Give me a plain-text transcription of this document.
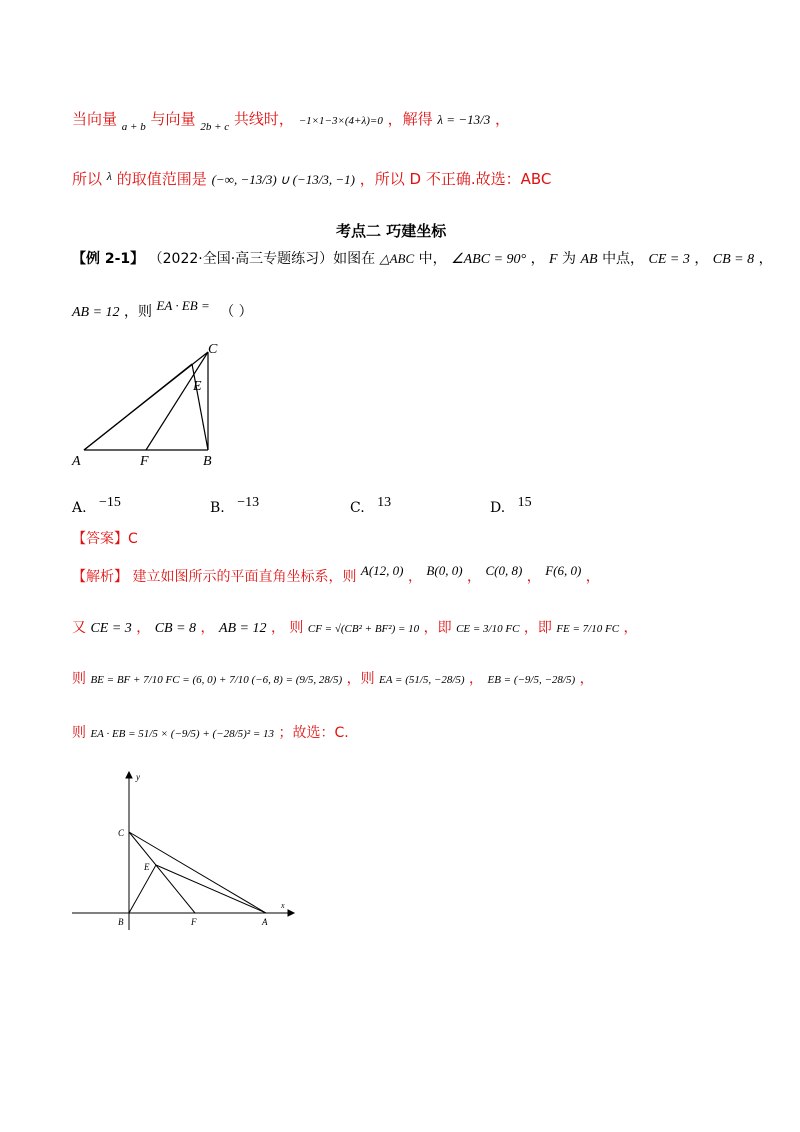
当向量 $_{a + b}$ 与向量 $_{2b + c}$ 共线时， −1×1−3×(4+λ)=0 ，解得 λ = −13/3 ，
所以 $^\lambda$ 的取值范围是 (−∞, −13/3) ∪ (−13/3, −1) ，所以 D 不正确.故选：ABC
考点二 巧建坐标
【例 2-1】 （2022·全国·高三专题练习）如图在 △ABC 中， ∠ABC = 90° ， F 为 AB 中点， CE = 3 ， CB = 8 ，
AB = 12 ，则 EA · EB = （ ）
C
E
A	F	B
A. −15	B. −13	C. 13	D. 15
【答案】C
【解析】 建立如图所示的平面直角坐标系，则 A(12, 0) ， B(0, 0) ， C(0, 8) ， F(6, 0) ，
又 CE = 3 ， CB = 8 ， AB = 12 ， 则 CF = √(CB² + BF²) = 10 ，即 CE = 3/10 FC ，即 FE = 7/10 FC ，
则 BE = BF + 7/10 FC = (6, 0) + 7/10 (−6, 8) = (9/5, 28/5) ，则 EA = (51/5, −28/5) ， EB = (−9/5, −28/5) ，
则 EA · EB = 51/5 × (−9/5) + (−28/5)² = 13 ；故选：C.
y
C
E
B	F	A
x
